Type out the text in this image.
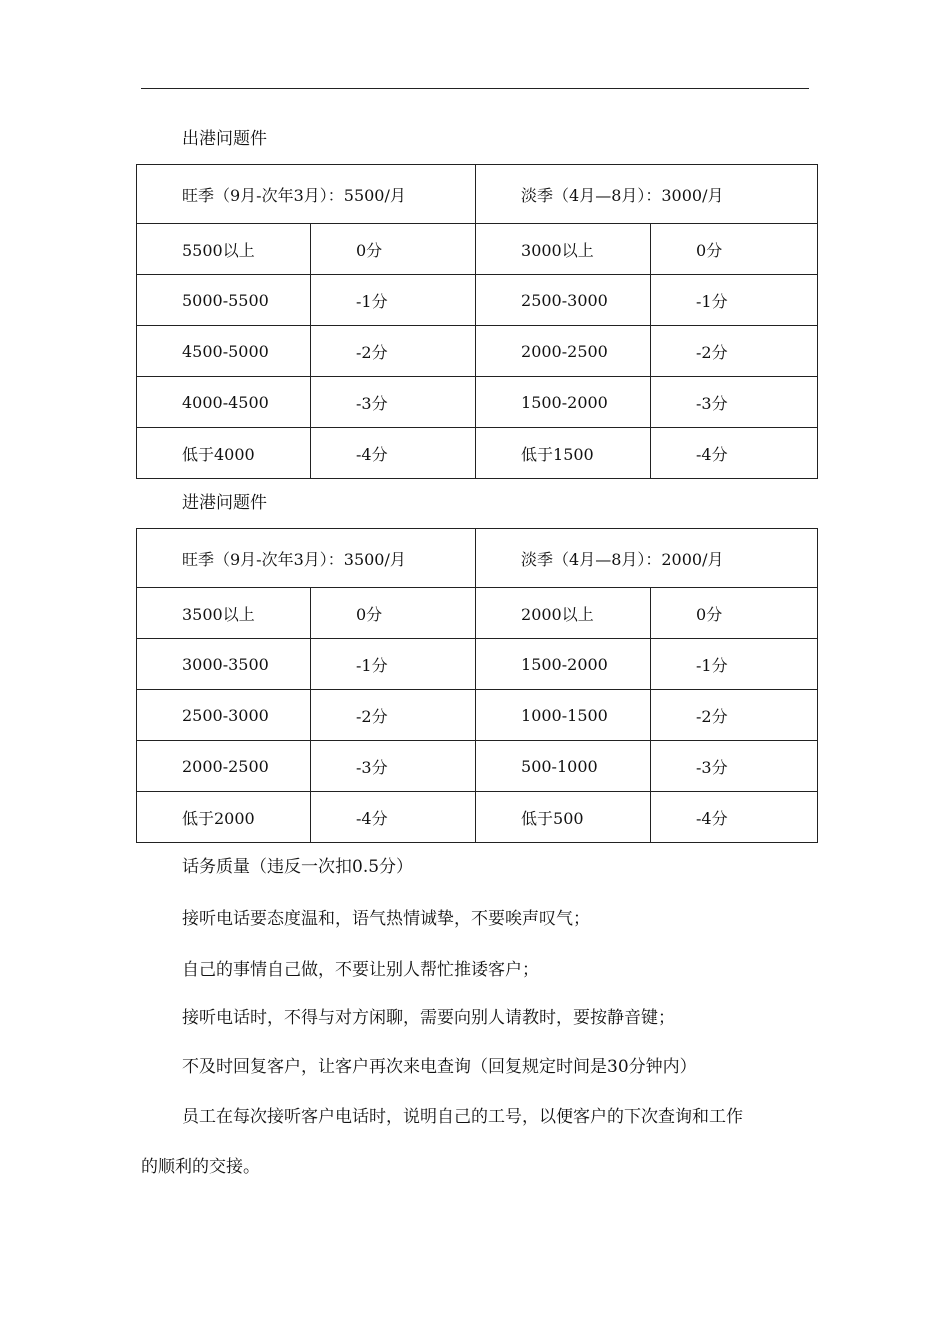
出港问题件
旺季（9月-次年3月）：5500/月		淡季（4月—8月）：3000/月	
5500以上	0分	3000以上	0分
5000-5500	-1分	2500-3000	-1分
4500-5000	-2分	2000-2500	-2分
4000-4500	-3分	1500-2000	-3分
低于4000	-4分	低于1500	-4分
进港问题件
旺季（9月-次年3月）：3500/月		淡季（4月—8月）：2000/月	
3500以上	0分	2000以上	0分
3000-3500	-1分	1500-2000	-1分
2500-3000	-2分	1000-1500	-2分
2000-2500	-3分	500-1000	-3分
低于2000	-4分	低于500	-4分
话务质量（违反一次扣0.5分）
接听电话要态度温和，语气热情诚挚，不要唉声叹气；
自己的事情自己做，不要让别人帮忙推诿客户；
接听电话时，不得与对方闲聊，需要向别人请教时，要按静音键；
不及时回复客户，让客户再次来电查询（回复规定时间是30分钟内）
员工在每次接听客户电话时，说明自己的工号，以便客户的下次查询和工作
的顺利的交接。
